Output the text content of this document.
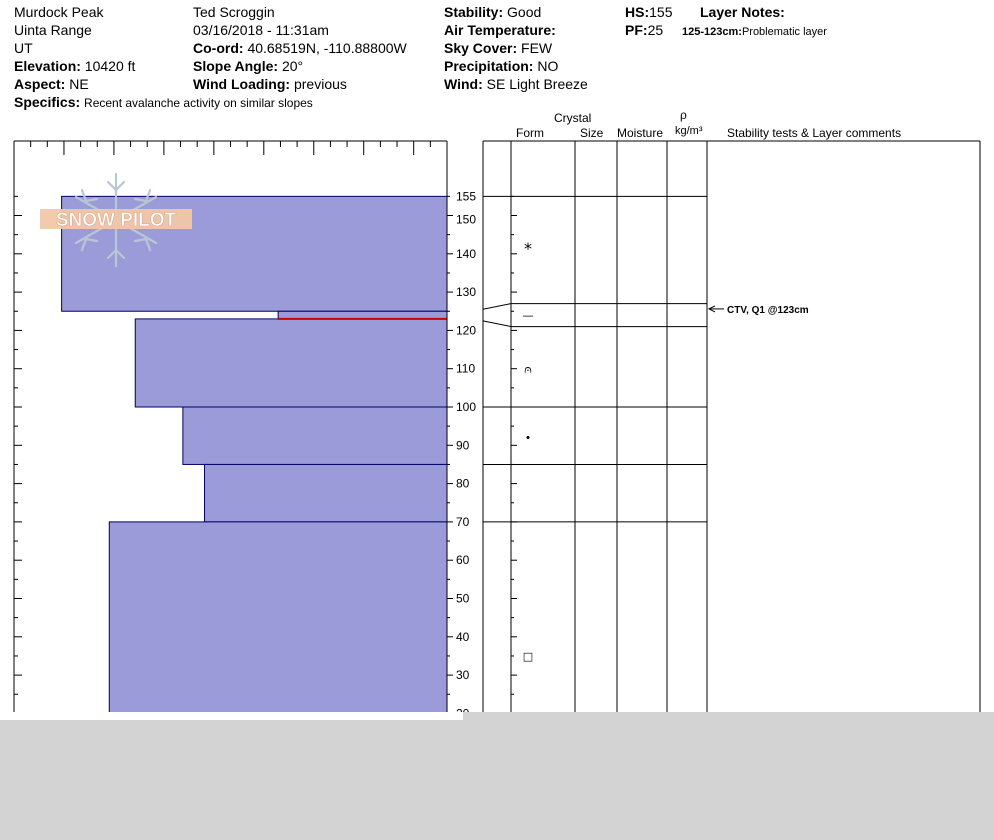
Murdock Peak
Uinta Range
UT
Elevation: 10420 ft
Aspect: NE
Specifics: Recent avalanche activity on similar slopes
Ted Scroggin
03/16/2018 - 11:31am
Co-ord: 40.68519N, -110.88800W
Slope Angle: 20°
Wind Loading: previous
Stability: Good
Air Temperature:
Sky Cover: FEW
Precipitation: NO
Wind: SE Light Breeze
HS:155
PF:25
Layer Notes:
125-123cm:Problematic layer
Crystal
Form	Size Moisture
ρ
kg/m³ Stability tests & Layer comments
30
40
50
60
70
80
90
100
110
120
130
140
150
155
*
—
⩀
•
□
CTV, Q1 @123cm
SNOW PILOT
